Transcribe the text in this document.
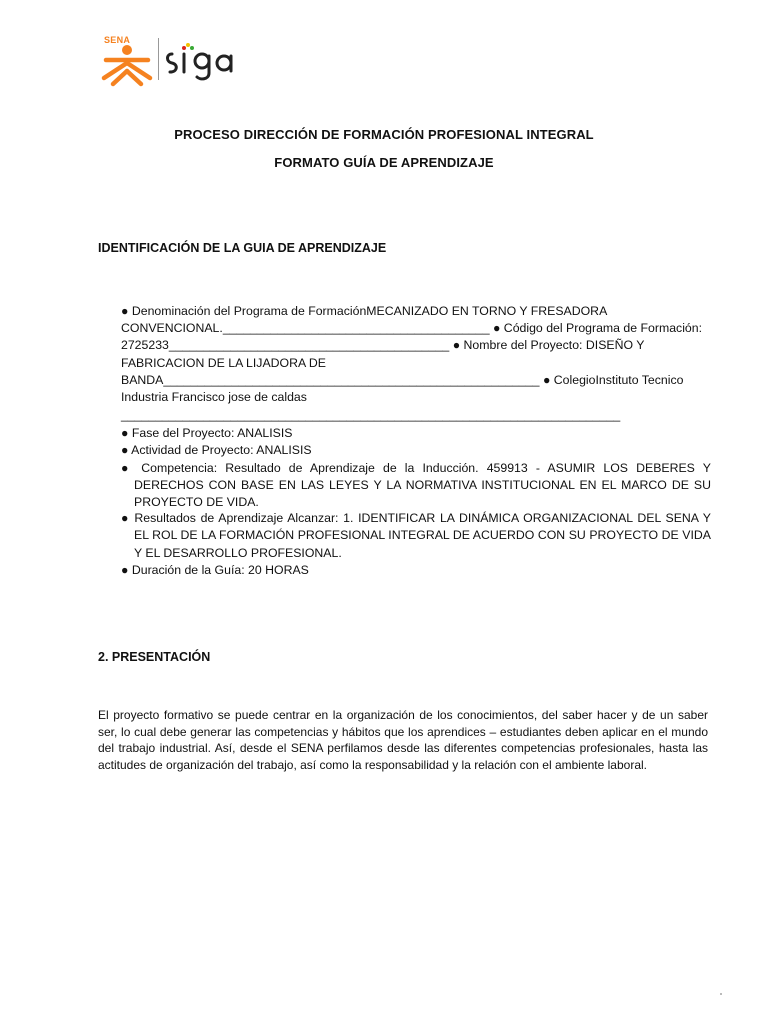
SENA
PROCESO DIRECCIÓN DE FORMACIÓN PROFESIONAL INTEGRAL
FORMATO GUÍA DE APRENDIZAJE
IDENTIFICACIÓN DE LA GUIA DE APRENDIZAJE

● Denominación del Programa de FormaciónMECANIZADO EN TORNO Y FRESADORA CONVENCIONAL._______________________________________ ● Código del Programa de Formación: 2725233_________________________________________ ● Nombre del Proyecto: DISEÑO Y FABRICACION DE LA LIJADORA DE BANDA_______________________________________________________ ● ColegioInstituto Tecnico Industria Francisco jose de caldas

_________________________________________________________________________

● Fase del Proyecto: ANALISIS

● Actividad de Proyecto: ANALISIS

● Competencia: Resultado de Aprendizaje de la Inducción. 459913 - ASUMIR LOS DEBERES Y DERECHOS CON BASE EN LAS LEYES Y LA NORMATIVA INSTITUCIONAL EN EL MARCO DE SU PROYECTO DE VIDA.

● Resultados de Aprendizaje Alcanzar: 1. IDENTIFICAR LA DINÁMICA ORGANIZACIONAL DEL SENA Y EL ROL DE LA FORMACIÓN PROFESIONAL INTEGRAL DE ACUERDO CON SU PROYECTO DE VIDA Y EL DESARROLLO PROFESIONAL.

● Duración de la Guía: 20 HORAS

2. PRESENTACIÓN

El proyecto formativo se puede centrar en la organización de los conocimientos, del saber hacer y de un saber ser, lo cual debe generar las competencias y hábitos que los aprendices – estudiantes deben aplicar en el mundo del trabajo industrial. Así, desde el SENA perfilamos desde las diferentes competencias profesionales, hasta las actitudes de organización del trabajo, así como la responsabilidad y la relación con el ambiente laboral.
